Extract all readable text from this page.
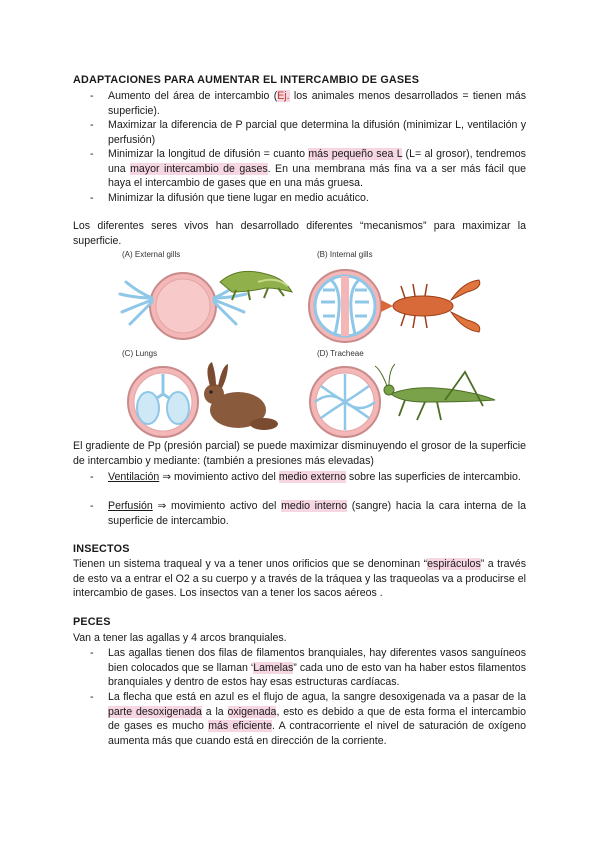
ADAPTACIONES PARA AUMENTAR EL INTERCAMBIO DE GASES
- Aumento del área de intercambio (Ej. los animales menos desarrollados = tienen más superficie).
- Maximizar la diferencia de P parcial que determina la difusión (minimizar L, ventilación y perfusión)
- Minimizar la longitud de difusión = cuanto más pequeño sea L (L= al grosor), tendremos una mayor intercambio de gases. En una membrana más fina va a ser más fácil que haya el intercambio de gases que en una más gruesa.
- Minimizar la difusión que tiene lugar en medio acuático.
Los diferentes seres vivos han desarrollado diferentes “mecanismos” para maximizar la superficie.
(A) External gills	(B) Internal gills
(C) Lungs	(D) Tracheae
El gradiente de Pp (presión parcial) se puede maximizar disminuyendo el grosor de la superficie de intercambio y mediante: (también a presiones más elevadas)
- Ventilación ⇒ movimiento activo del medio externo sobre las superficies de intercambio.
- Perfusión ⇒ movimiento activo del medio interno (sangre) hacia la cara interna de la superficie de intercambio.
INSECTOS
Tienen un sistema traqueal y va a tener unos orificios que se denominan “espiráculos” a través de esto va a entrar el O2 a su cuerpo y a través de la tráquea y las traqueolas va a producirse el intercambio de gases. Los insectos van a tener los sacos aéreos .
PECES
Van a tener las agallas y 4 arcos branquiales.
- Las agallas tienen dos filas de filamentos branquiales, hay diferentes vasos sanguíneos bien colocados que se llaman ‘Lamelas” cada uno de esto van ha haber estos filamentos branquiales y dentro de estos hay esas estructuras cardíacas.
- La flecha que está en azul es el flujo de agua, la sangre desoxigenada va a pasar de la parte desoxigenada a la oxigenada, esto es debido a que de esta forma el intercambio de gases es mucho más eficiente. A contracorriente el nivel de saturación de oxígeno aumenta más que cuando está en dirección de la corriente.
